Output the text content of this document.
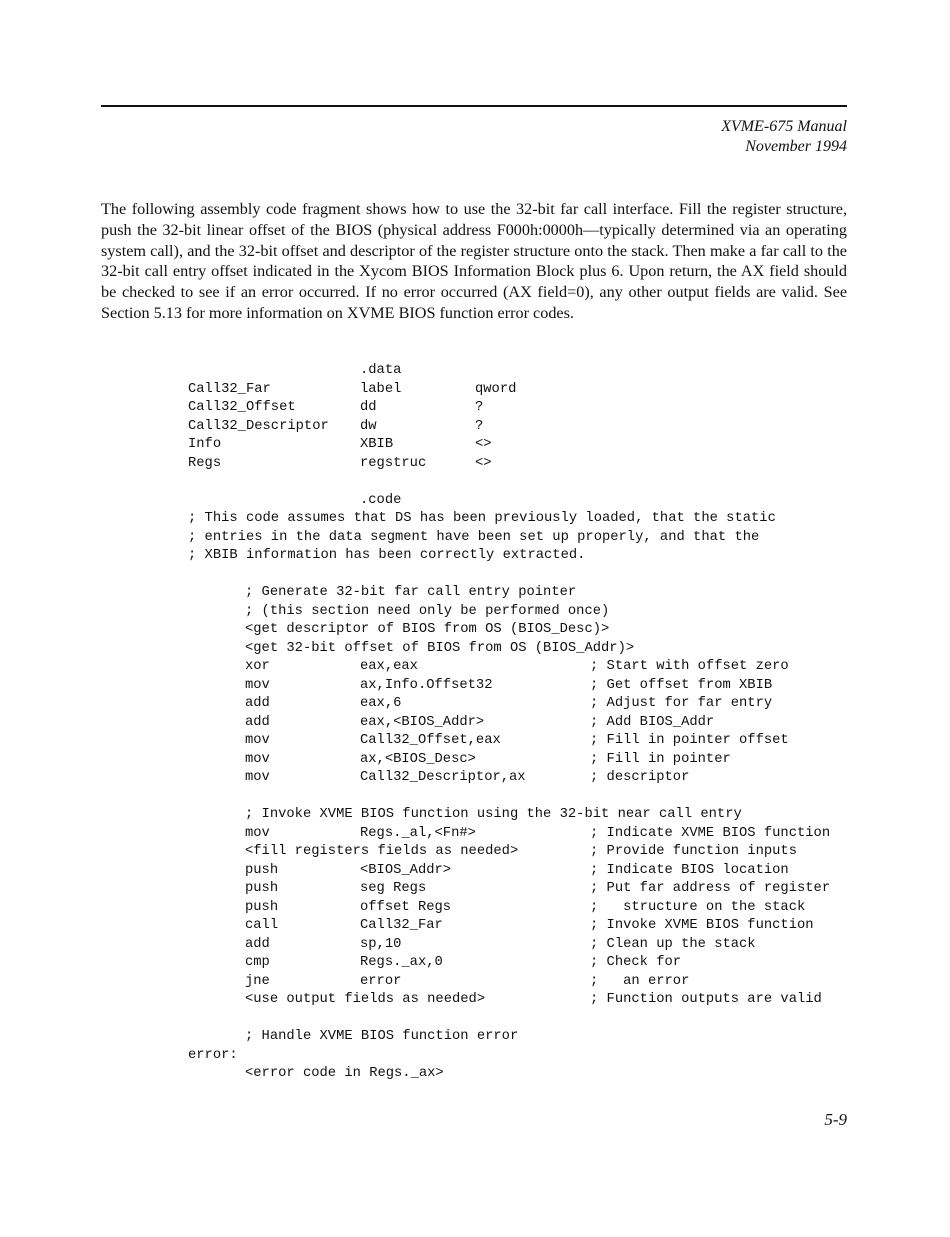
XVME-675 Manual
November 1994

The following assembly code fragment shows how to use the 32-bit far call interface. Fill the register structure, push the 32-bit linear offset of the BIOS (physical address F000h:0000h—typically determined via an operating system call), and the 32-bit offset and descriptor of the register structure onto the stack. Then make a far call to the 32-bit call entry offset indicated in the Xycom BIOS Information Block plus 6. Upon return, the AX field should be checked to see if an error occurred. If no error occurred (AX field=0), any other output fields are valid. See Section 5.13 for more information on XVME BIOS function error codes.

.data
Call32_Far	label	qword
Call32_Offset	dd	?
Call32_Descriptor dw	?
Info	XBIB	<>
Regs	regstruc	<>
.code
; This code assumes that DS has been previously loaded, that the static
; entries in the data segment have been set up properly, and that the
; XBIB information has been correctly extracted.
; Generate 32-bit far call entry pointer
; (this section need only be performed once)
<get descriptor of BIOS from OS (BIOS_Desc)>
<get 32-bit offset of BIOS from OS (BIOS_Addr)>
xor	eax,eax	; Start with offset zero
mov	ax,Info.Offset32	; Get offset from XBIB
add	eax,6	; Adjust for far entry
add	eax,<BIOS_Addr>	; Add BIOS_Addr
mov	Call32_Offset,eax	; Fill in pointer offset
mov	ax,<BIOS_Desc>	; Fill in pointer
mov	Call32_Descriptor,ax	; descriptor
; Invoke XVME BIOS function using the 32-bit near call entry
mov	Regs._al,<Fn#>	; Indicate XVME BIOS function
<fill registers fields as needed>	; Provide function inputs
push	<BIOS_Addr>	; Indicate BIOS location
push	seg Regs	; Put far address of register
push	offset Regs	;   structure on the stack
call	Call32_Far	; Invoke XVME BIOS function
add	sp,10	; Clean up the stack
cmp	Regs._ax,0	; Check for
jne	error	;   an error
<use output fields as needed>	; Function outputs are valid
; Handle XVME BIOS function error
error:
<error code in Regs._ax>
5-9
